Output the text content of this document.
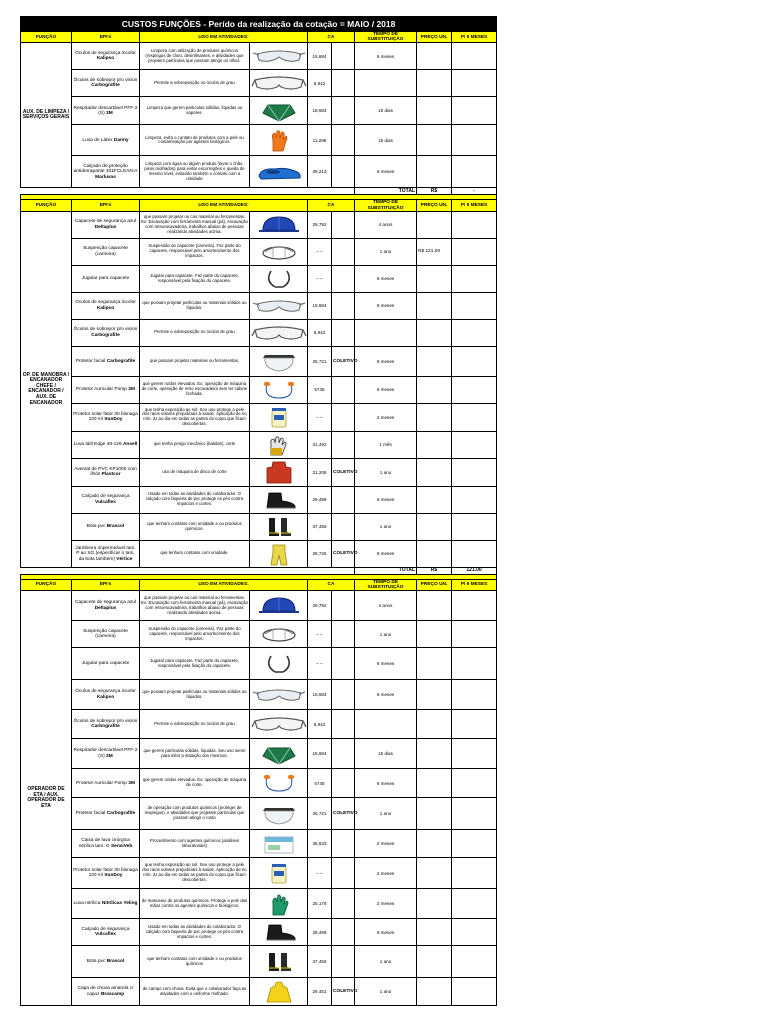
CUSTOS FUNÇÕES - Perído da realização da cotação = MAIO / 2018								
FUNÇÃO	EPI's	USO EM ATIVIDADES:		CA		TEMPO DE SUBSTITUIÇÃO	PREÇO UN.	P/ 6 MESES
AUX. DE LIMPEZA / SERVIÇOS GERAIS	Óculos de segurança incolor Kalipso	Limpeza com utilização de produtos químicos (respingos de cloro, desinfetantes, e atividades que projetem partículas que possam atingir os olhos.		15,684		6 meses		
	Óculos de sobrepor pro vision Carbografite	Permite a sobreposição no óculos de grau		6,942				
	Respirador descartável PFF-2 (S) 3M	Limpeza que gerem partículas sólidas, líquidas ou vapores.		18,684		15 dias		
	Luva de Látex Danny	Limpeza, evita o contato de produtos com a pele ou contaminação por agentes biológicos.		11,286		15 dias		
	Calçado de proteção antiderrapante 101FCLEAN-A Marluvas	Limpeza com água ou algum produto (lavar o chão, pisos molhados) para evitar escorregões e queda de mesmo nível, evitando também o contato com a umidade		39,213		6 meses		
						TOTAL	R$	-

FUNÇÃO	EPI's	USO EM ATIVIDADES:		CA		TEMPO DE SUBSTITUIÇÃO	PREÇO UN.	P/ 6 MESES
OP. DE MANOBRA / ENCANADOR CHEFE / ENCANADOR / AUX. DE ENCANADOR	Capacete de segurança azul Deltaplus	que possam projetar ou cair material ou ferramentas. Ex: Escavação com ferramenta manual (pá), escavação com retroescavadeira, trabalhos abaixo de pessoas realizando atividades acima.		29,792		4 anos		
	Suspenção capacete (carneira)	Suspensão do capacete (carneira). Faz parte do capacete, responsável pelo amortecimento dos impactos.		– –		1 ano	R$ 121.00	
	Jugular para capacete	Jugular para capacete. Faz parte do capacete, responsável pela fixação do capacete.		– –		6 meses		
	Óculos de segurança incolor Kalipso	que possam projetar partículas ou materiais sólidos ou líquidos.		15,684		6 meses		
	Óculos de sobrepor pro vision Carbografite	Permite a sobreposição no óculos de grau		6,942				
	Protetor facial Carbografite	que possam projetar materiais ou ferramentas.		25,721	COLETIVO	6 meses		
	Protetor Auricular Pomp 3M	que gerem ruídos elevados. Ex: operação de máquina de corte, operação de retro escavadeira sem ter cabine fechada.		5745		6 meses		
	Protetor solar fator 30 bisnaga 120 ml SunDoy	que tenha exposição ao sol. Seu uso protege a pele dos raios solares prejudiciais à saúde. Aplicação de no mín. 2x ao dia em todas as partes do corpo que ficam descobertas.		– –		2 meses		
	Luva tátil Edge 48-126 Ansell	que tenha perigo mecânico (batidas), corte		31,492		1 mês		
	Avental de PVC KP1000 com ilhós Plastcor	uso de máquina de disco de corte		21,208	COLETIVO	1 ano		
	Calçado de segurança Vulcaflex	Usado em todas as atividades do colaborador. O calçado com biqueira de pvc protege os pés contra impactos e cortes.		28,498		6 meses		
	Bota pvc Brascol	que tenham contatos com umidade e ou produtos químicos.		37,456		1 ano		
	Jardineira impermeável tam. P ao XG (especificar o tam. da bota também) Vértice	que tenham contatos com umidade.		28,726	COLETIVO	6 meses		
						TOTAL	R$	121.00

FUNÇÃO	EPI's	USO EM ATIVIDADES:		CA		TEMPO DE SUBSTITUIÇÃO	PREÇO UN.	P/ 6 MESES
OPERADOR DE ETA / AUX. OPERADOR DE ETA	Capacete de segurança azul Deltaplus	que possam projetar ou cair material ou ferramentas. Ex: Escavação com ferramenta manual (pá), escavação com retroescavadeira, trabalhos abaixo de pessoas realizando atividades acima.		29,792		4 anos		
	Suspenção capacete (carneira)	Suspensão do capacete (carneira). Faz parte do capacete, responsável pelo amortecimento dos impactos.		– –		1 ano		
	Jugular para capacete	Jugular para capacete. Faz parte do capacete, responsável pela fixação do capacete.		– –		6 meses		
	Óculos de segurança incolor Kalipso	que possam projetar partículas ou materiais sólidos ou líquidos.		15,684		6 meses		
	Óculos de sobrepor pro vision Carbografite	Permite a sobreposição no óculos de grau		6,942				
	Respirador descartável PFF-2 (S) 3M	que gerem partículas sólidas, líquidas. Seu uso serve para inibir a inalação dos mesmos.		18,684		15 dias		
	Protetor Auricular Pomp 3M	que gerem ruídos elevados. Ex: operação de máquina de corte.		5745		6 meses		
	Protetor facial Carbografite	de operação com produtos químicos (proteger de respingos), e atividades que projetam partículas que possam atingir o rosto		25,721	COLETIVO	1 ano		
	Caixa de luva cirúrgica nitrílica tam. G SensiVeb	Procedimento com agentes químicos (análises laboratoriais)		35,633		2 meses		
	Protetor solar fator 30 bisnaga 120 ml SunDoy	que tenha exposição ao sol. Seu uso protege a pele dos raios solares prejudiciais à saúde. Aplicação de no mín. 2x ao dia em todas as partes do corpo que ficam descobertas.		– –		2 meses		
	Luva nitrílica Nitrílicas Yeling	de manuseio de produtos químicos. Protege a pele das mãos contra os agentes químicos e biológicos.		25,176		2 meses		
	Calçado de segurança Vulcaflex	Usado em todas as atividades do colaborador. O calçado com biqueira de pvc protege os pés contra impactos e cortes.		28,498		6 meses		
	Bota pvc Brascol	que tenham contatos com umidade e ou produtos químicos		37,456		1 ano		
	Capa de chuva amarela c/ capuz Brascamp	de campo com chuva. Evita que o colaborador faça as atividades com o uniforme molhado.		28,451	COLETIVO	1 ano		
